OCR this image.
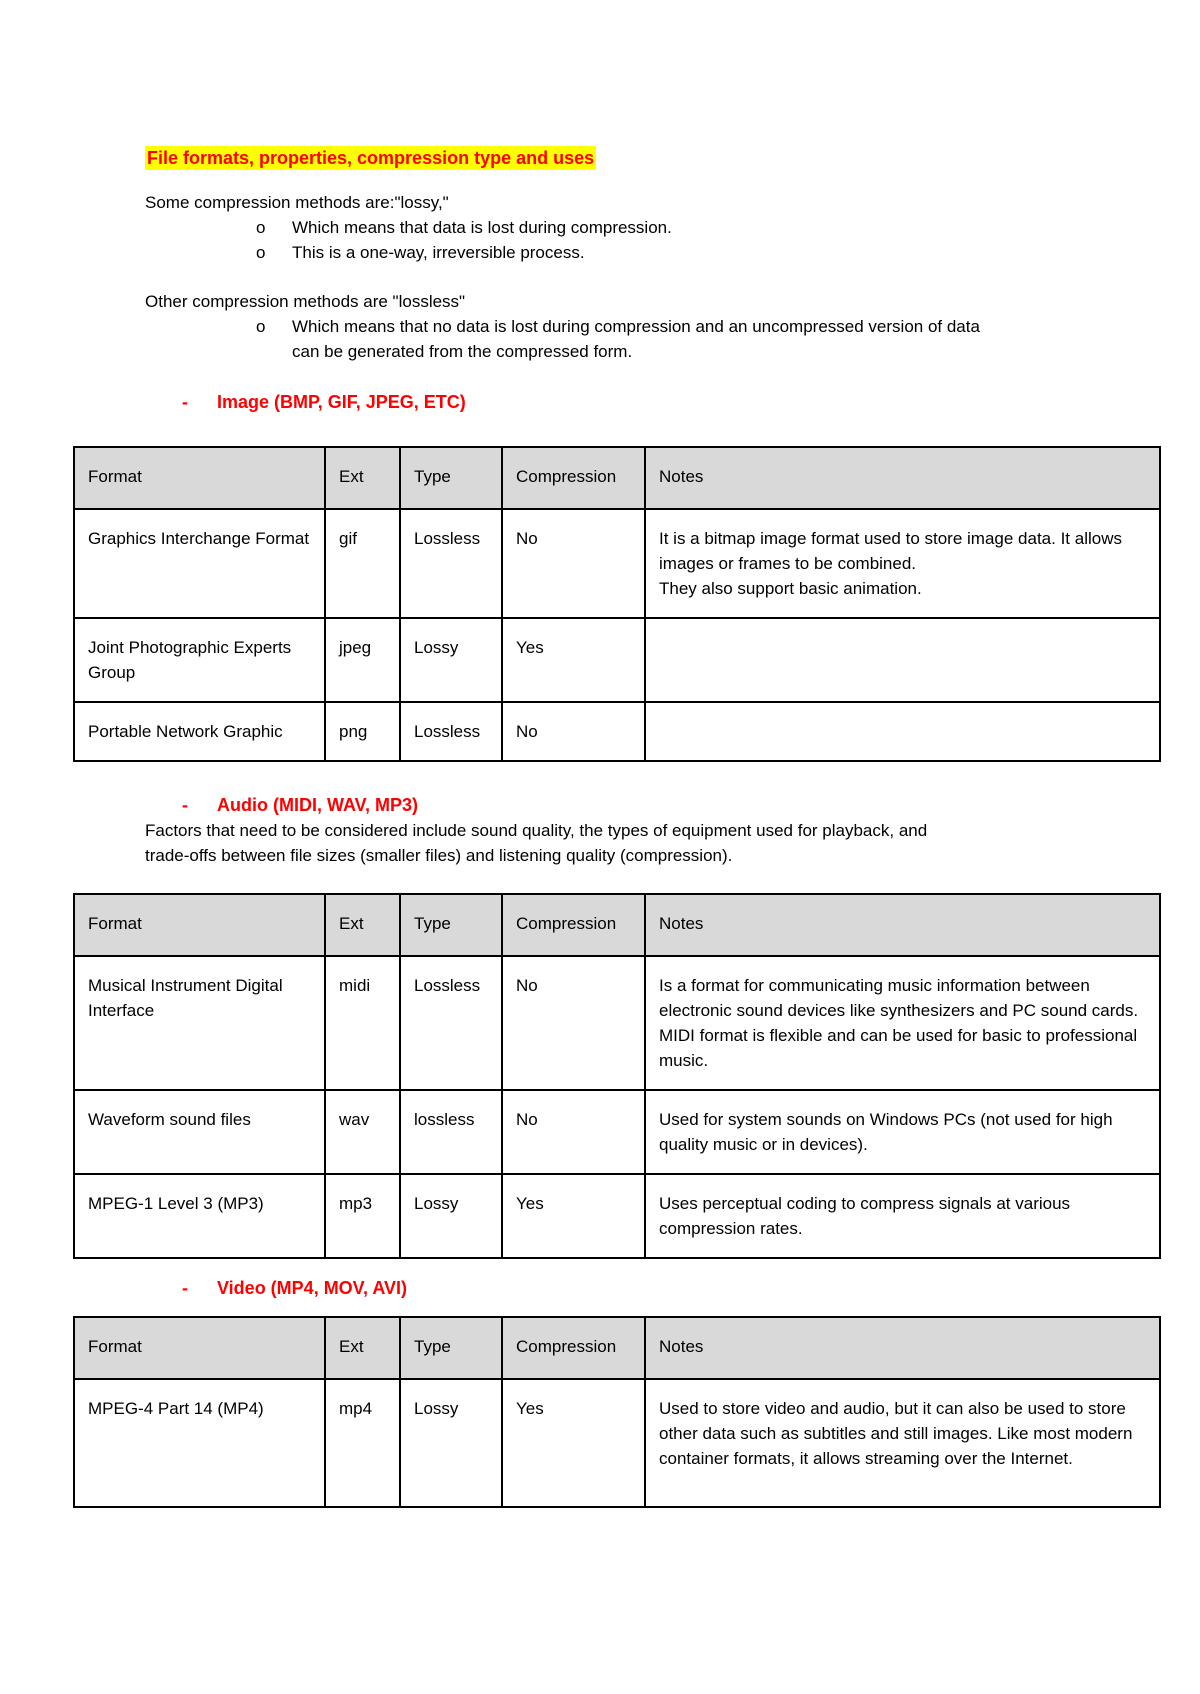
File formats, properties, compression type and uses
Some compression methods are:"lossy,"
o Which means that data is lost during compression.
o This is a one-way, irreversible process.
Other compression methods are "lossless"
o Which means that no data is lost during compression and an uncompressed version of data
can be generated from the compressed form.
- Image (BMP, GIF, JPEG, ETC)
Format	Ext	Type	Compression	Notes
Graphics Interchange Format	gif	Lossless	No	It is a bitmap image format used to store image data. It allows images or frames to be combined.
They also support basic animation.

Joint Photographic Experts Group	jpeg	Lossy	Yes	
Portable Network Graphic	png	Lossless	No	
- Audio (MIDI, WAV, MP3)
Factors that need to be considered include sound quality, the types of equipment used for playback, and
trade-offs between file sizes (smaller files) and listening quality (compression).
Format	Ext	Type	Compression	Notes
Musical Instrument Digital Interface	midi	Lossless	No	Is a format for communicating music information between electronic sound devices like synthesizers and PC sound cards. MIDI format is flexible and can be used for basic to professional music.
Waveform sound files	wav	lossless	No	Used for system sounds on Windows PCs (not used for high quality music or in devices).
MPEG-1 Level 3 (MP3)	mp3	Lossy	Yes	Uses perceptual coding to compress signals at various compression rates.
- Video (MP4, MOV, AVI)
Format	Ext	Type	Compression	Notes
MPEG-4 Part 14 (MP4)	mp4	Lossy	Yes	Used to store video and audio, but it can also be used to store other data such as subtitles and still images. Like most modern container formats, it allows streaming over the Internet.
